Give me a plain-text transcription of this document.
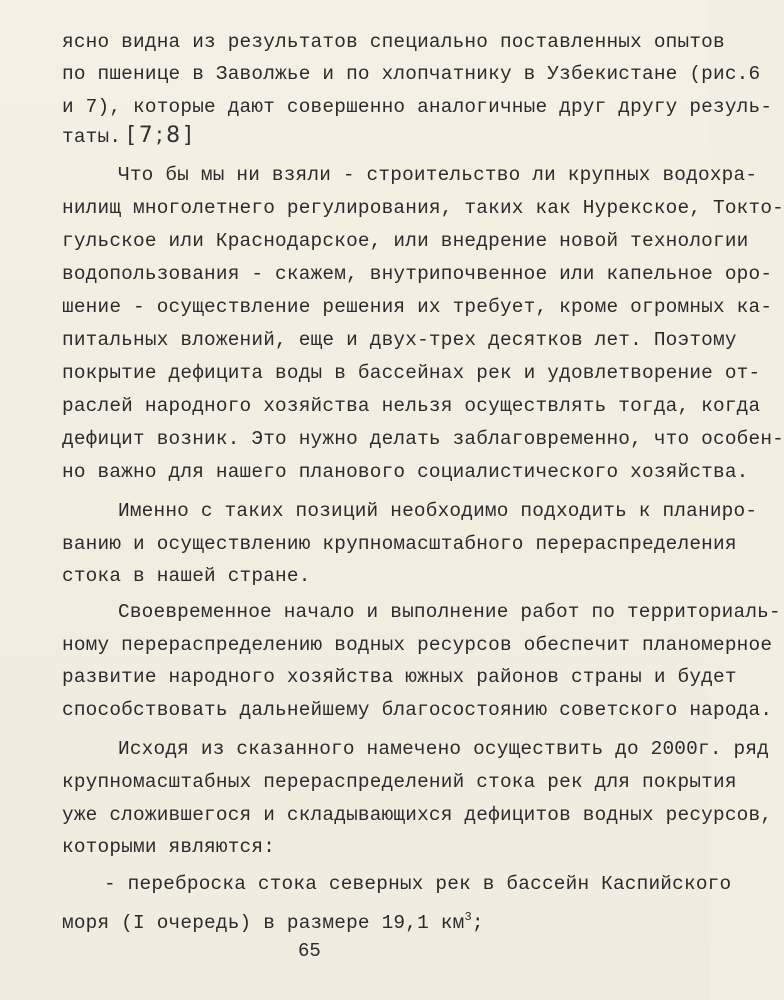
ясно видна из результатов специально поставленных опытов
по пшенице в Заволжье и по хлопчатнику в Узбекистане (рис.6
и 7), которые дают совершенно аналогичные друг другу резуль-
таты. [7;8]
Что бы мы ни взяли - строительство ли крупных водохра-
нилищ многолетнего регулирования, таких как Нурекское, Токто-
гульское или Краснодарское, или внедрение новой технологии
водопользования - скажем, внутрипочвенное или капельное оро-
шение - осуществление решения их требует, кроме огромных ка-
питальных вложений, еще и двух-трех десятков лет. Поэтому
покрытие дефицита воды в бассейнах рек и удовлетворение от-
раслей народного хозяйства нельзя осуществлять тогда, когда
дефицит возник. Это нужно делать заблаговременно, что особен-
но важно для нашего планового социалистического хозяйства.
Именно с таких позиций необходимо подходить к планиро-
ванию и осуществлению крупномасштабного перераспределения
стока в нашей стране.
Своевременное начало и выполнение работ по территориаль-
ному перераспределению водных ресурсов обеспечит планомерное
развитие народного хозяйства южных районов страны и будет
способствовать дальнейшему благосостоянию советского народа.
Исходя из сказанного намечено осуществить до 2000г. ряд
крупномасштабных перераспределений стока рек для покрытия
уже сложившегося и складывающихся дефицитов водных ресурсов,
которыми являются:
- переброска стока северных рек в бассейн Каспийского
моря (I очередь) в размере 19,1 $км^3$;
65
